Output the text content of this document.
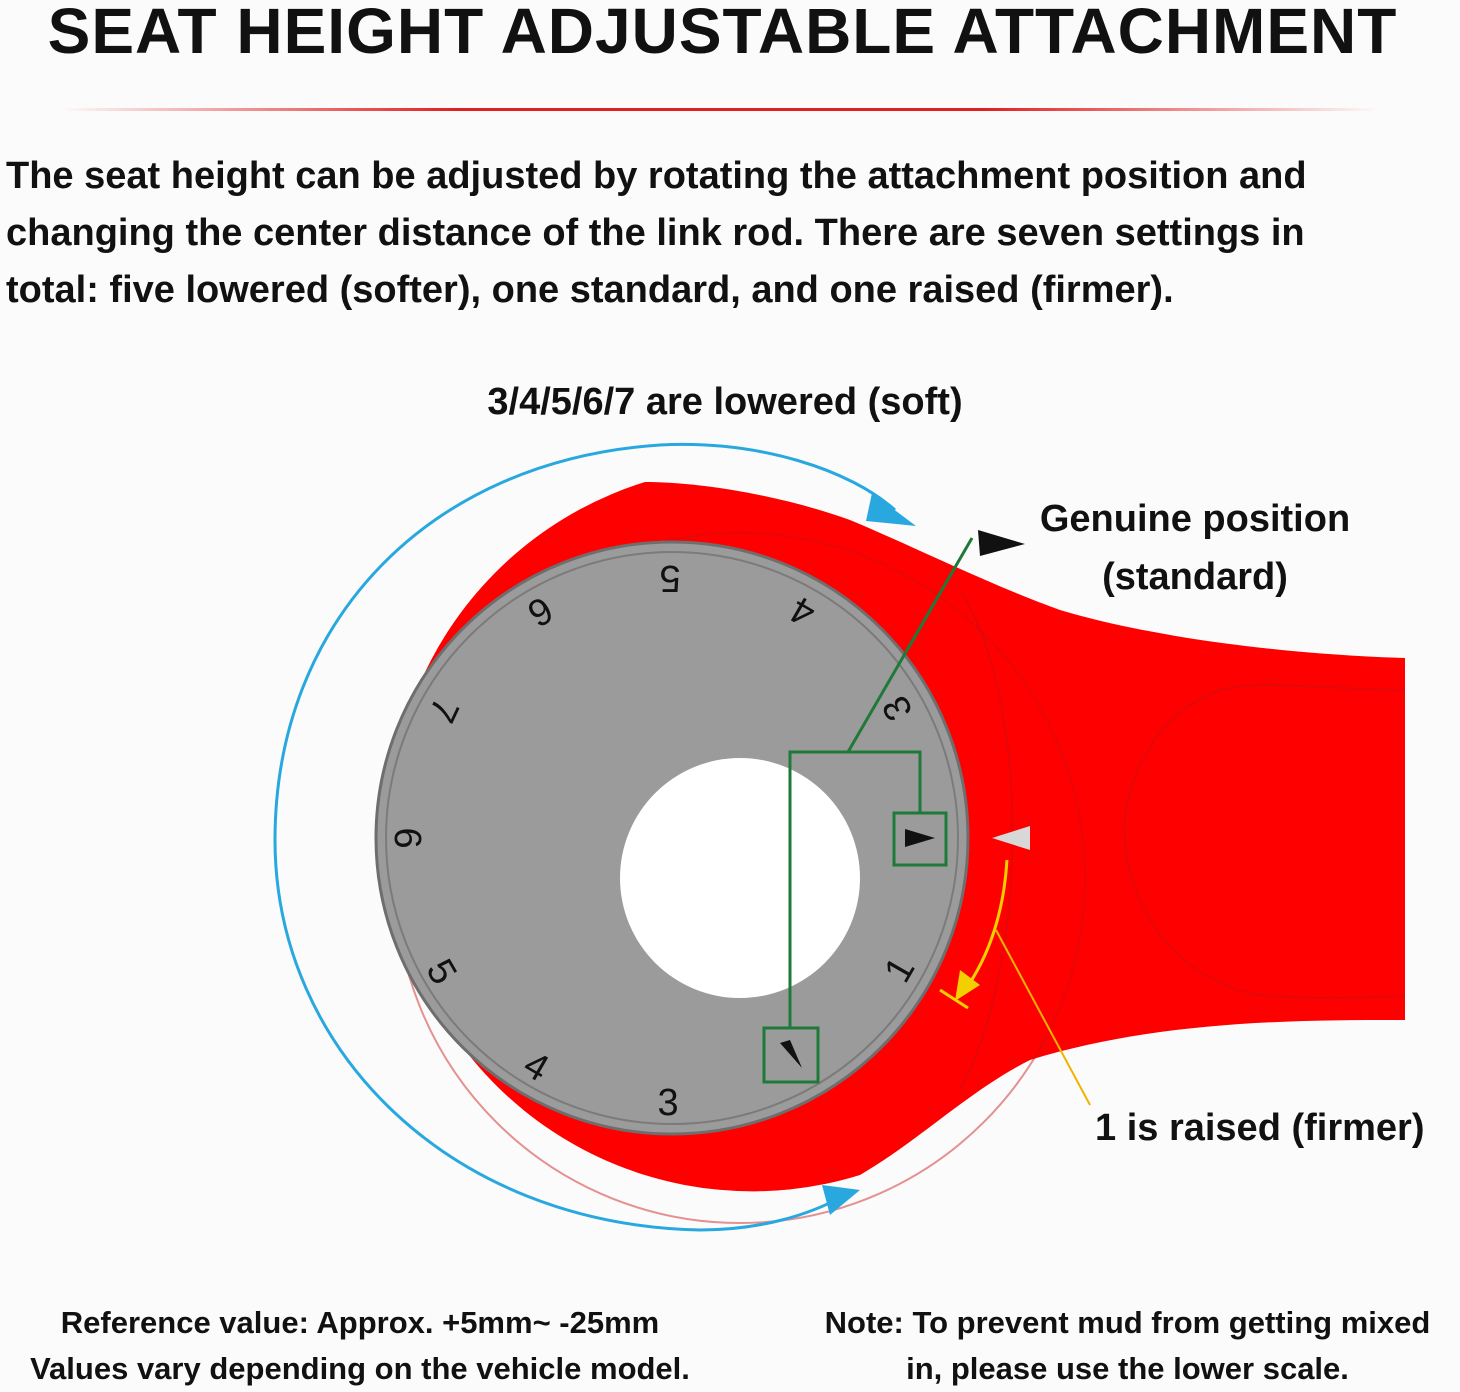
SEAT HEIGHT ADJUSTABLE ATTACHMENT
The seat height can be adjusted by rotating the attachment position and
changing the center distance of the link rod. There are seven settings in
total: five lowered (softer), one standard, and one raised (firmer).
3/4/5/6/7 are lowered (soft)
5
4
3
6
7
6
5
4
3
1
Genuine position
(standard)
1 is raised (firmer)
Reference value: Approx. +5mm~ -25mm
Values vary depending on the vehicle model.
Note: To prevent mud from getting mixed
in, please use the lower scale.
